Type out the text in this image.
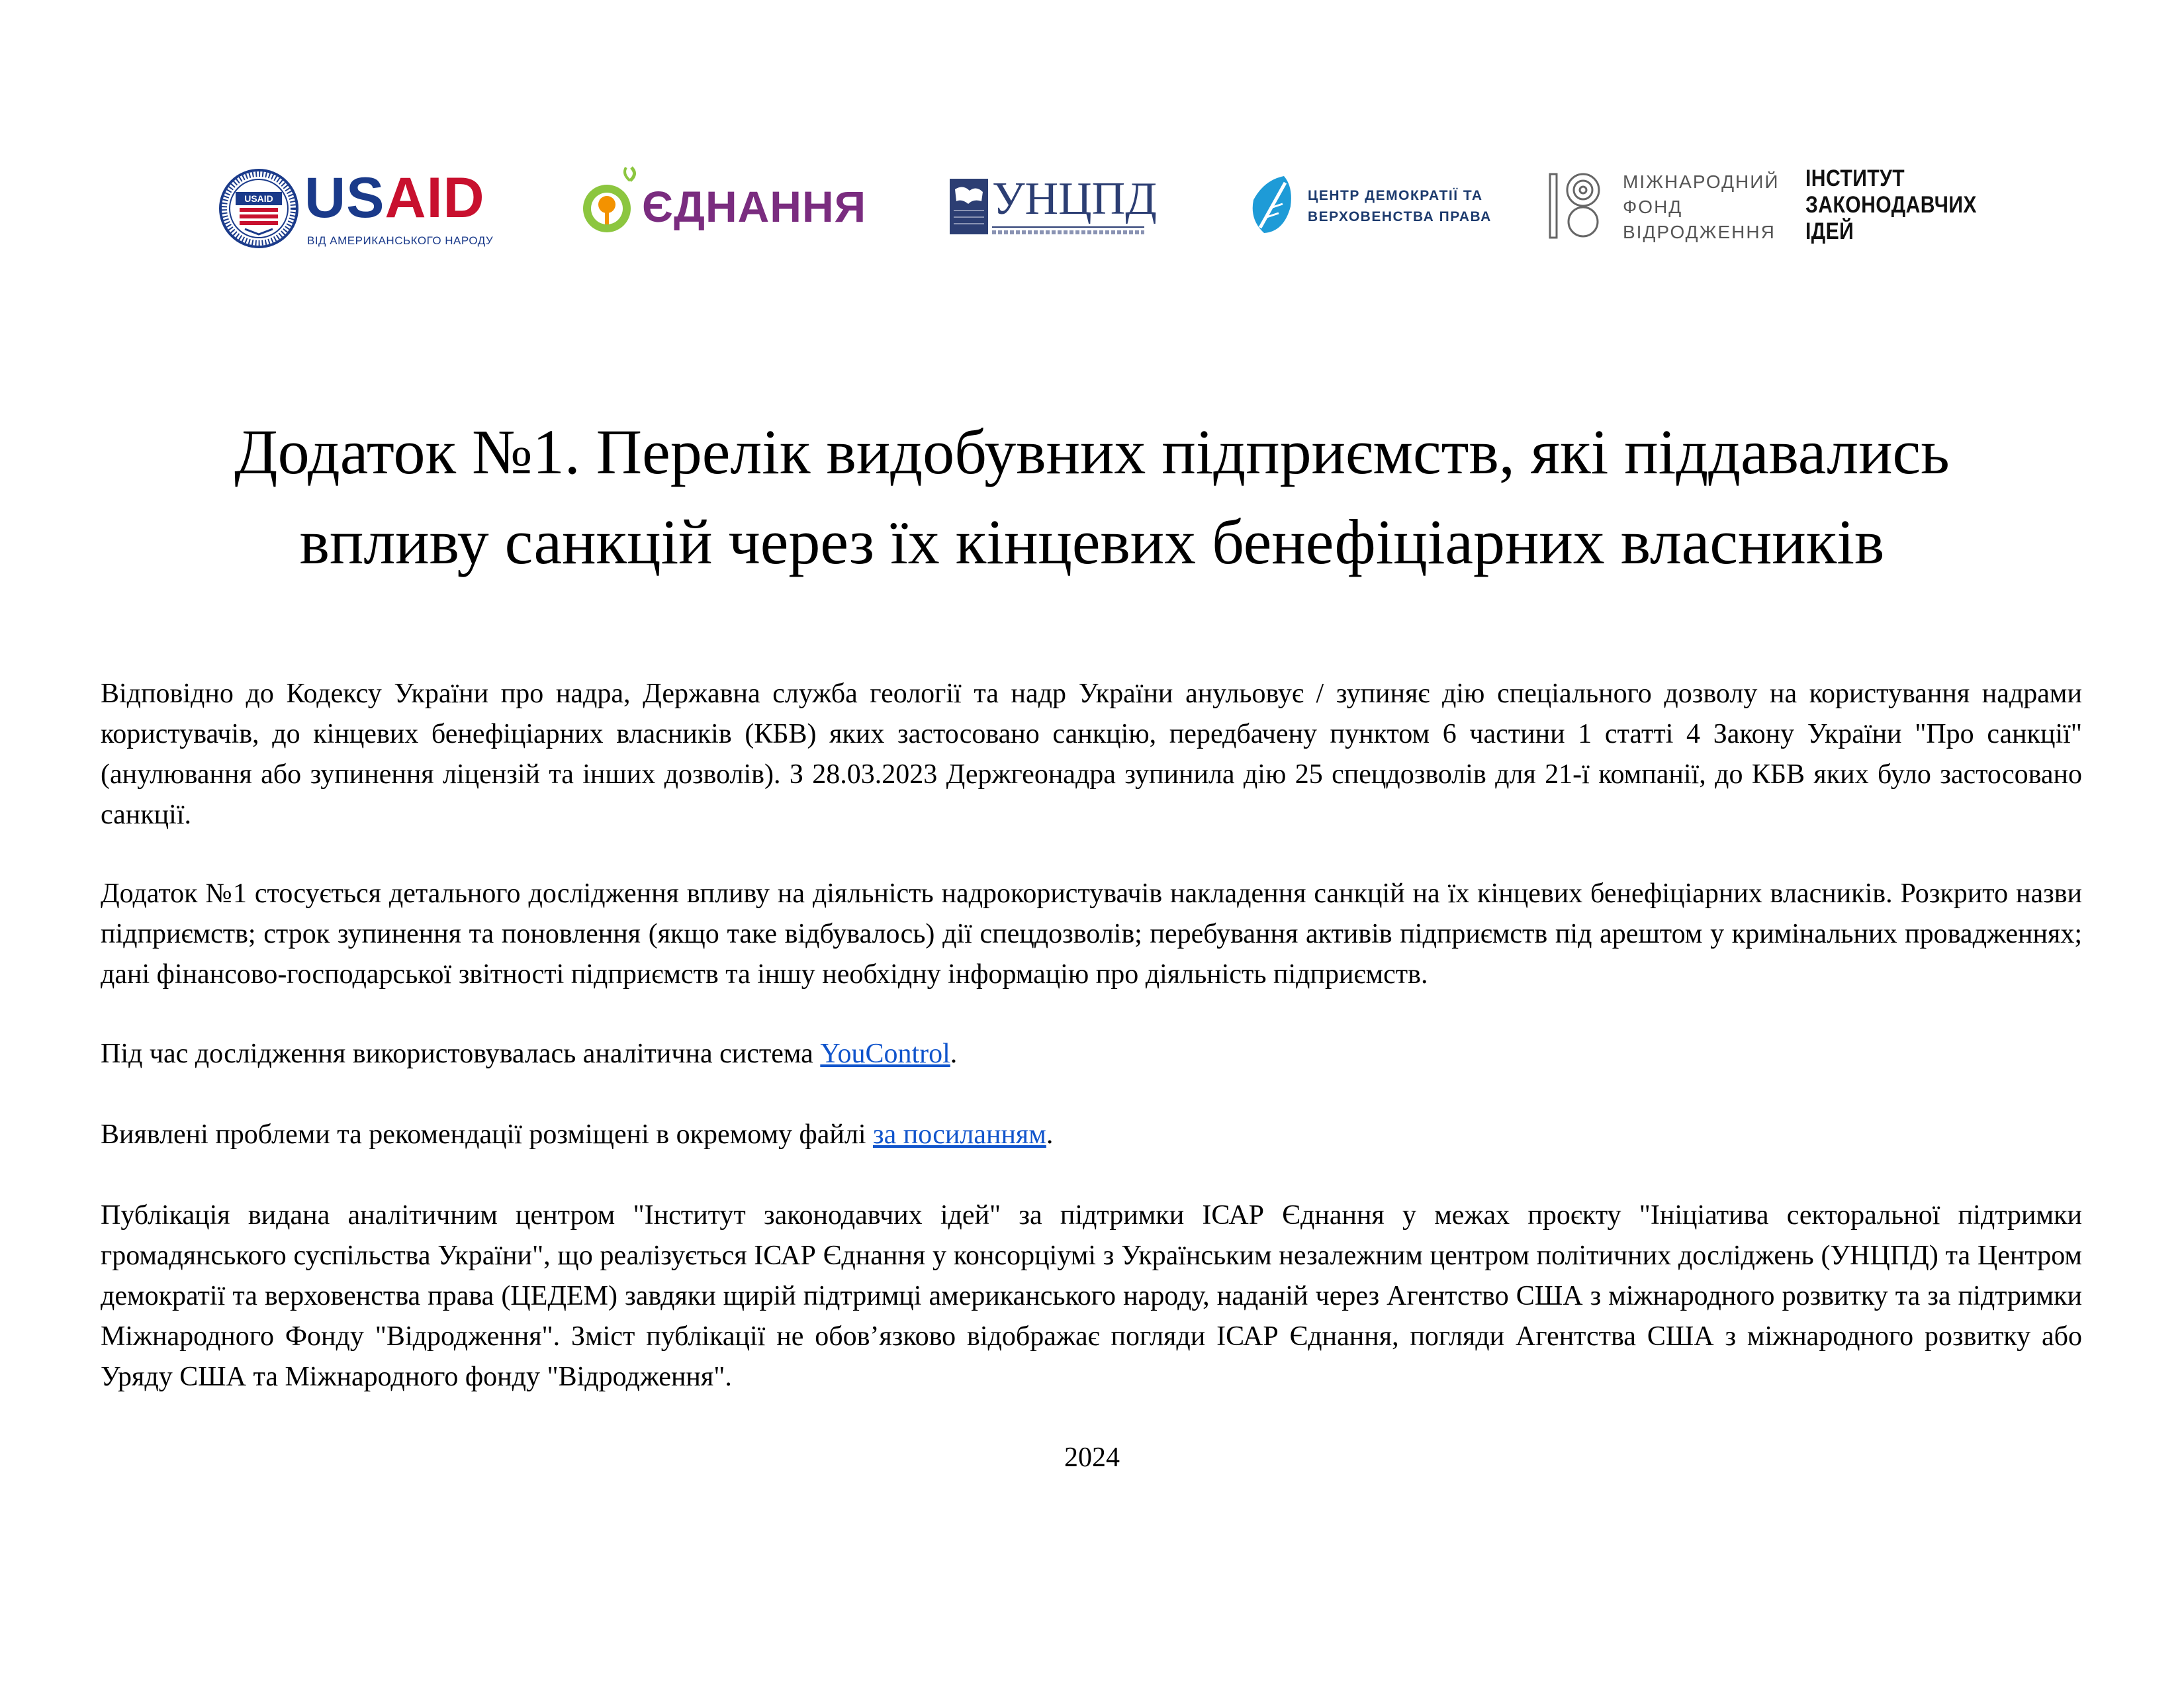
USAID USAID
ВІД АМЕРИКАНСЬКОГО НАРОДУ
ЄДНАННЯ	УНЦПД	ЦЕНТР ДЕМОКРАТІЇ ТА
ВЕРХОВЕНСТВА ПРАВА
МІЖНАРОДНИЙ
ФОНД
ВІДРОДЖЕННЯ
ІНСТИТУТ
ЗАКОНОДАВЧИХ
ІДЕЙ
Додаток №1. Перелік видобувних підприємств, які піддавались
впливу санкцій через їх кінцевих бенефіціарних власників

Відповідно до Кодексу України про надра, Державна служба геології та надр України анульовує / зупиняє дію спеціального дозволу на користування надрами користувачів, до кінцевих бенефіціарних власників (КБВ) яких застосовано санкцію, передбачену пунктом 6 частини 1 статті 4 Закону України "Про санкції" (анулювання або зупинення ліцензій та інших дозволів). З 28.03.2023 Держгеонадра зупинила дію 25 спецдозволів для 21-ї компанії, до КБВ яких було застосовано санкції.

Додаток №1 стосується детального дослідження впливу на діяльність надрокористувачів накладення санкцій на їх кінцевих бенефіціарних власників. Розкрито назви підприємств; строк зупинення та поновлення (якщо таке відбувалось) дії спецдозволів; перебування активів підприємств під арештом у кримінальних провадженнях; дані фінансово-господарської звітності підприємств та іншу необхідну інформацію про діяльність підприємств.

Під час дослідження використовувалась аналітична система YouControl.

Виявлені проблеми та рекомендації розміщені в окремому файлі за посиланням.

Публікація видана аналітичним центром "Інститут законодавчих ідей" за підтримки ІСАР Єднання у межах проєкту "Ініціатива секторальної підтримки громадянського суспільства України", що реалізується ІСАР Єднання у консорціумі з Українським незалежним центром політичних досліджень (УНЦПД) та Центром демократії та верховенства права (ЦЕДЕМ) завдяки щирій підтримці американського народу, наданій через Агентство США з міжнародного розвитку та за підтримки Міжнародного Фонду "Відродження". Зміст публікації не обов’язково відображає погляди ІСАР Єднання, погляди Агентства США з міжнародного розвитку або Уряду США та Міжнародного фонду "Відродження".

2024
